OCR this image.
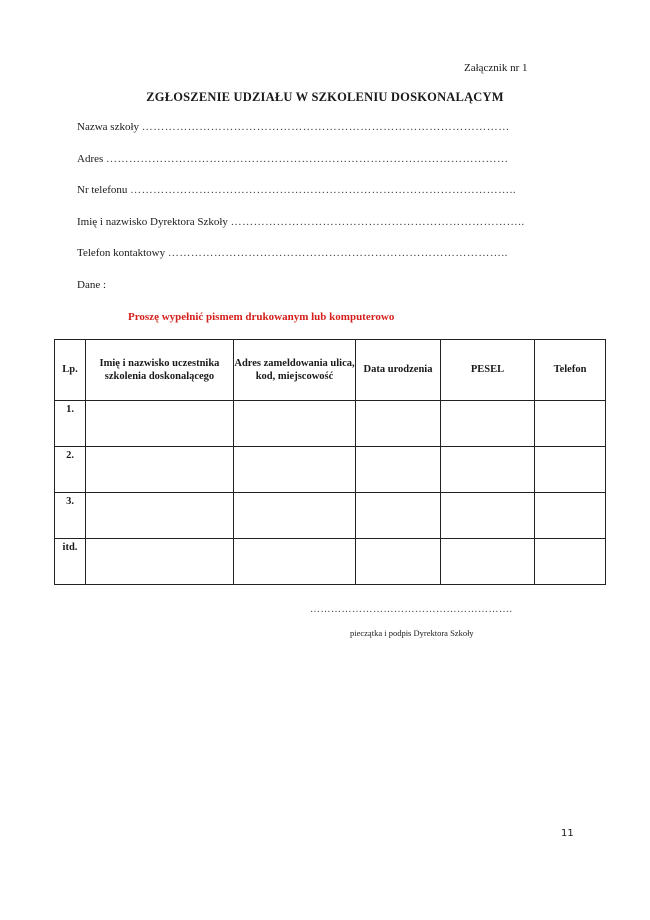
Załącznik nr 1
ZGŁOSZENIE UDZIAŁU W SZKOLENIU DOSKONALĄCYM
Nazwa szkoły ……………………………………………………………………………………
Adres ……………………………………………………………………………………………
Nr telefonu ………………………………………………………………………………………..
Imię i nazwisko Dyrektora Szkoły …………………………………………………………………..
Telefon kontaktowy ……………………………………………………………………………..
Dane :
Proszę wypełnić pismem drukowanym lub komputerowo
Lp.	Imię i nazwisko uczestnika szkolenia doskonalącego	Adres zameldowania ulica, kod, miejscowość	Data urodzenia	PESEL	Telefon
1.					
2.					
3.					
itd.					
………………………………………………….
pieczątka i podpis Dyrektora Szkoły
11
